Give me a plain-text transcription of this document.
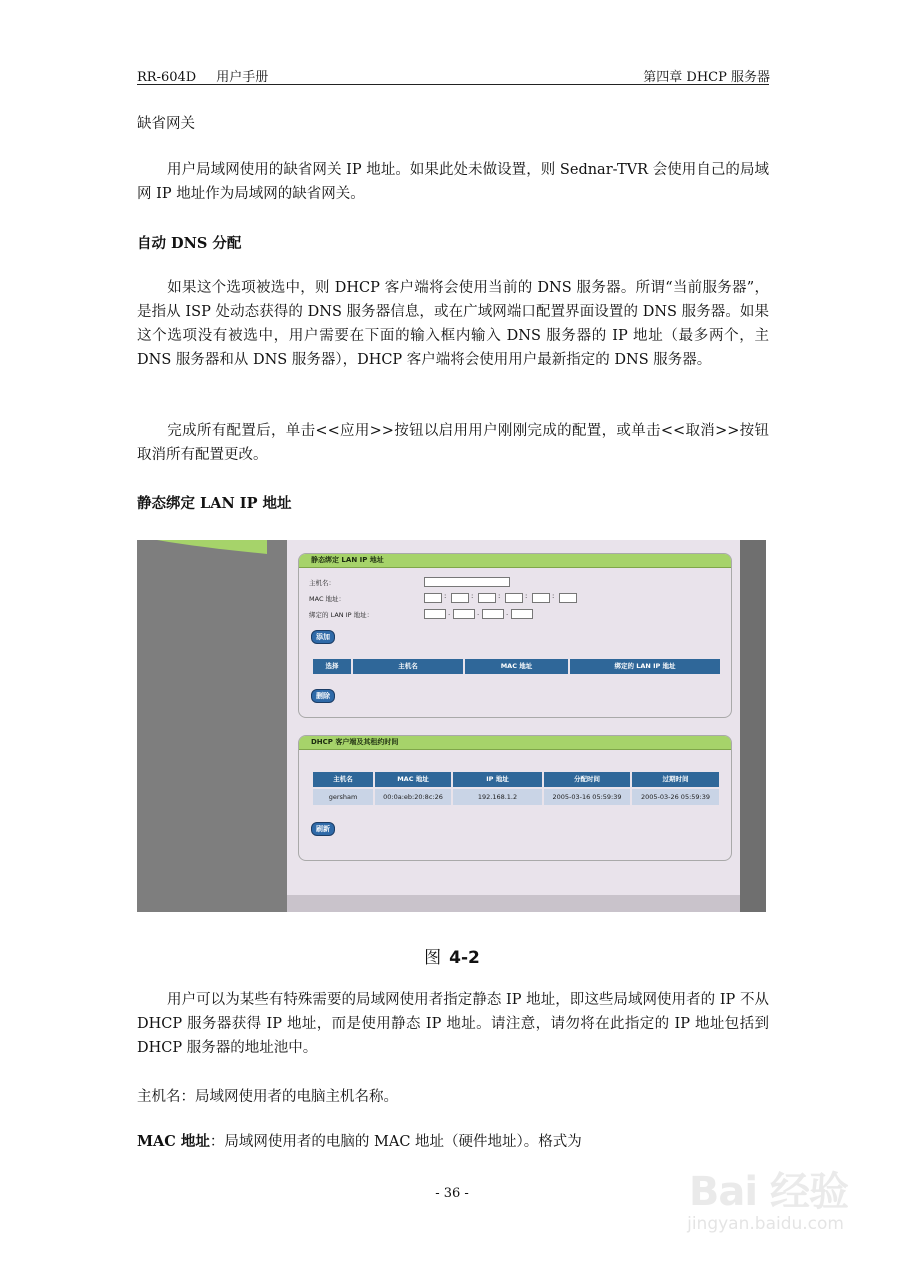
RR-604D 用户手册	第四章 DHCP 服务器
缺省网关
用户局域网使用的缺省网关 IP 地址。如果此处未做设置，则 Sednar-TVR 会使用自己的局域网 IP 地址作为局域网的缺省网关。
自动 DNS 分配
如果这个选项被选中，则 DHCP 客户端将会使用当前的 DNS 服务器。所谓“当前服务器”，是指从 ISP 处动态获得的 DNS 服务器信息，或在广域网端口配置界面设置的 DNS 服务器。如果这个选项没有被选中，用户需要在下面的输入框内输入 DNS 服务器的 IP 地址（最多两个，主 DNS 服务器和从 DNS 服务器），DHCP 客户端将会使用用户最新指定的 DNS 服务器。
完成所有配置后，单击<<应用>>按钮以启用用户刚刚完成的配置，或单击<<取消>>按钮取消所有配置更改。
静态绑定 LAN IP 地址
静态绑定 LAN IP 地址
主机名：
MAC 地址：	:	:	:	:	:
绑定的 LAN IP 地址：	.	.	.
添加
选择	主机名	MAC 地址	绑定的 LAN IP 地址
删除
DHCP 客户端及其租约时间
主机名	MAC 地址	IP 地址	分配时间	过期时间
gersham	00:0a:eb:20:8c:26	192.168.1.2	2005-03-16 05:59:39	2005-03-26 05:59:39
刷新
图 4-2
用户可以为某些有特殊需要的局域网使用者指定静态 IP 地址，即这些局域网使用者的 IP 不从 DHCP 服务器获得 IP 地址，而是使用静态 IP 地址。请注意，请勿将在此指定的 IP 地址包括到 DHCP 服务器的地址池中。
主机名：局域网使用者的电脑主机名称。
MAC 地址：局域网使用者的电脑的 MAC 地址（硬件地址）。格式为
- 36 -	Bai 经验
jingyan.baidu.com
